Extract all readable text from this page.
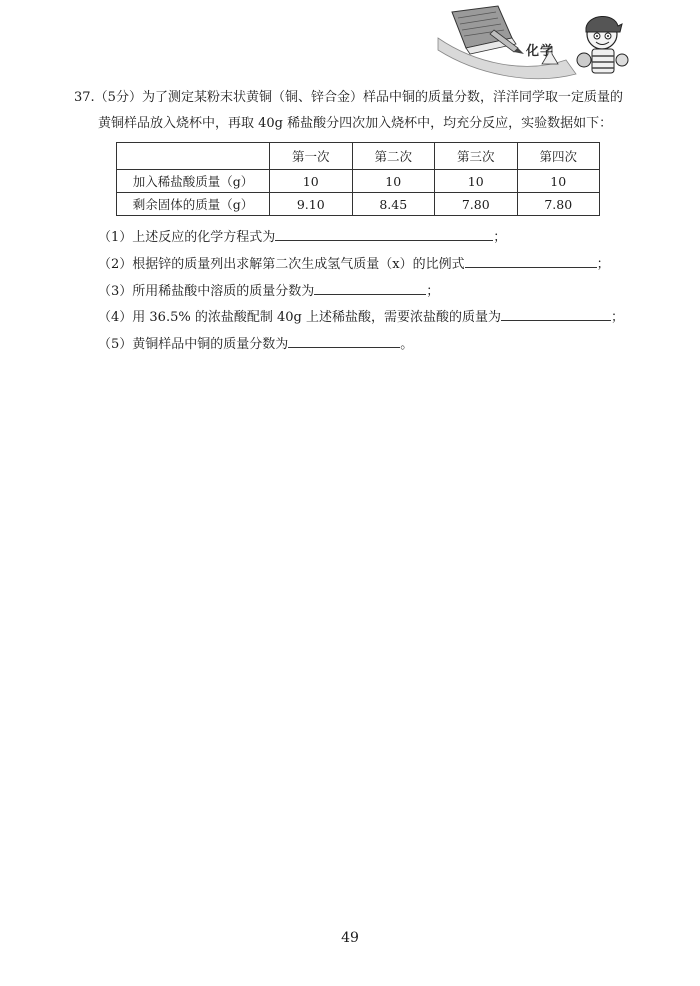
化学
37.（5分）为了测定某粉末状黄铜（铜、锌合金）样品中铜的质量分数，洋洋同学取一定质量的
黄铜样品放入烧杯中，再取 40g 稀盐酸分四次加入烧杯中，均充分反应，实验数据如下：
	第一次	第二次	第三次	第四次
加入稀盐酸质量（g）	10	10	10	10
剩余固体的质量（g）	9.10	8.45	7.80	7.80
（1）上述反应的化学方程式为	；
（2）根据锌的质量列出求解第二次生成氢气质量（x）的比例式	；
（3）所用稀盐酸中溶质的质量分数为	；
（4）用 36.5% 的浓盐酸配制 40g 上述稀盐酸，需要浓盐酸的质量为	；
（5）黄铜样品中铜的质量分数为	。
49
